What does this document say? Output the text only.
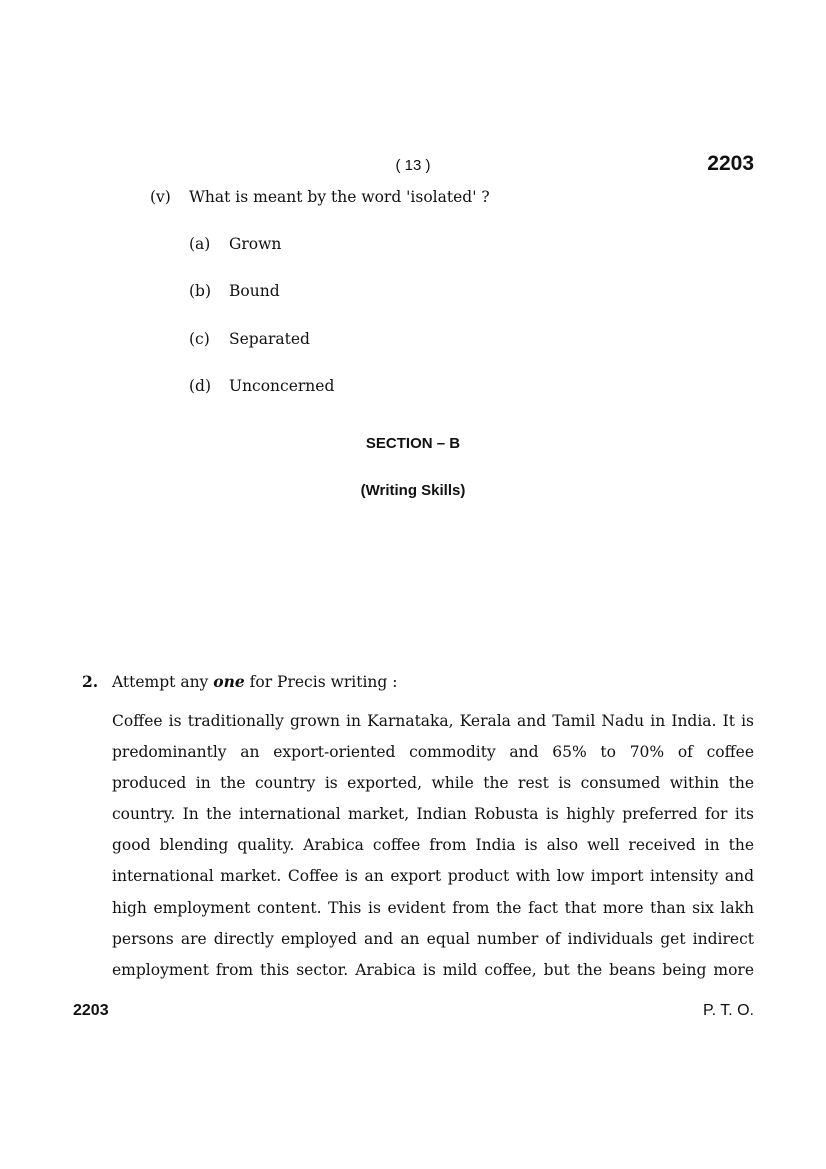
( 13 )	2203
(v) What is meant by the word 'isolated' ?
(a) Grown
(b) Bound
(c) Separated
(d) Unconcerned
SECTION – B
(Writing Skills)
2. Attempt any one for Precis writing :
Coffee is traditionally grown in Karnataka, Kerala and Tamil Nadu in India. It is
predominantly an export-oriented commodity and 65% to 70% of coffee
produced in the country is exported, while the rest is consumed within the
country. In the international market, Indian Robusta is highly preferred for its
good blending quality. Arabica coffee from India is also well received in the
international market. Coffee is an export product with low import intensity and
high employment content. This is evident from the fact that more than six lakh
persons are directly employed and an equal number of individuals get indirect
employment from this sector. Arabica is mild coffee, but the beans being more
2203	P. T. O.
